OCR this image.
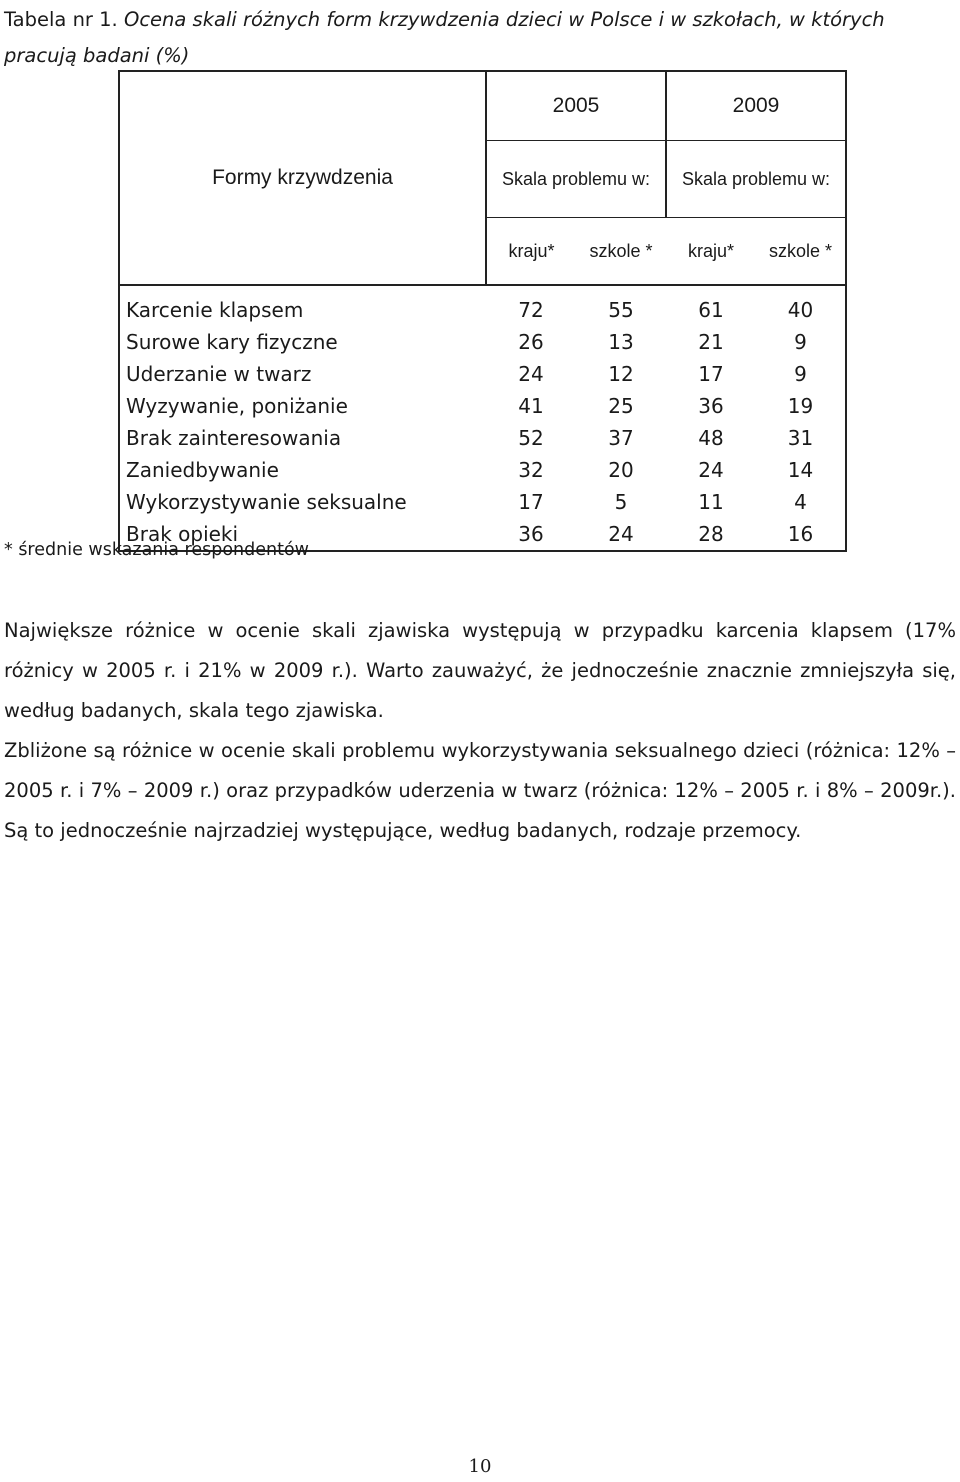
Tabela nr 1. Ocena skali różnych form krzywdzenia dzieci w Polsce i w szkołach, w których pracują badani (%)
Formy krzywdzenia	2005		2009	
	Skala problemu w:		Skala problemu w:	
	kraju*	szkole *	kraju*	szkole *
Karcenie klapsem	72	55	61	40
Surowe kary fizyczne	26	13	21	9
Uderzanie w twarz	24	12	17	9
Wyzywanie, poniżanie	41	25	36	19
Brak zainteresowania	52	37	48	31
Zaniedbywanie	32	20	24	14
Wykorzystywanie seksualne	17	5	11	4
Brak opieki	36	24	28	16
* średnie wskazania respondentów
Największe różnice w ocenie skali zjawiska występują w przypadku karcenia klapsem (17% różnicy w 2005 r. i 21% w 2009 r.). Warto zauważyć, że jednocześnie znacznie zmniejszyła się, według badanych, skala tego zjawiska.
Zbliżone są różnice w ocenie skali problemu wykorzystywania seksualnego dzieci (różnica: 12% – 2005 r. i 7% – 2009 r.) oraz przypadków uderzenia w twarz (różnica: 12% – 2005 r. i 8% – 2009r.). Są to jednocześnie najrzadziej występujące, według badanych, rodzaje przemocy.
10
